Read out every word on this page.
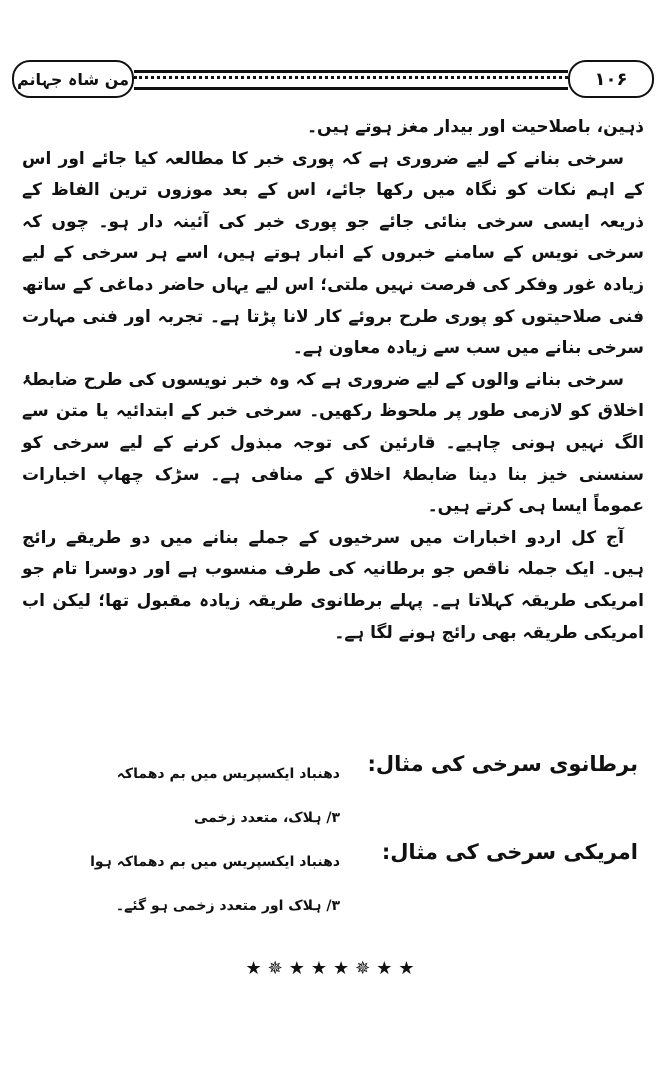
من شاہ جہانم	۱۰۶

ذہین، باصلاحیت اور بیدار مغز ہوتے ہیں۔

سرخی بنانے کے لیے ضروری ہے کہ پوری خبر کا مطالعہ کیا جائے اور اس کے اہم نکات کو نگاہ میں رکھا جائے، اس کے بعد موزوں ترین الفاظ کے ذریعہ ایسی سرخی بنائی جائے جو پوری خبر کی آئینہ دار ہو۔ چوں کہ سرخی نویس کے سامنے خبروں کے انبار ہوتے ہیں، اسے ہر سرخی کے لیے زیادہ غور وفکر کی فرصت نہیں ملتی؛ اس لیے یہاں حاضر دماغی کے ساتھ فنی صلاحیتوں کو پوری طرح بروئے کار لانا پڑتا ہے۔ تجربہ اور فنی مہارت سرخی بنانے میں سب سے زیادہ معاون ہے۔

سرخی بنانے والوں کے لیے ضروری ہے کہ وہ خبر نویسوں کی طرح ضابطۂ اخلاق کو لازمی طور پر ملحوظ رکھیں۔ سرخی خبر کے ابتدائیہ یا متن سے الگ نہیں ہونی چاہیے۔ قارئین کی توجہ مبذول کرنے کے لیے سرخی کو سنسنی خیز بنا دینا ضابطۂ اخلاق کے منافی ہے۔ سڑک چھاپ اخبارات عموماً ایسا ہی کرتے ہیں۔

آج کل اردو اخبارات میں سرخیوں کے جملے بنانے میں دو طریقے رائج ہیں۔ ایک جملہ ناقص جو برطانیہ کی طرف منسوب ہے اور دوسرا تام جو امریکی طریقہ کہلاتا ہے۔ پہلے برطانوی طریقہ زیادہ مقبول تھا؛ لیکن اب امریکی طریقہ بھی رائج ہونے لگا ہے۔

برطانوی سرخی کی مثال:
دھنباد ایکسپریس میں بم دھماکہ
۳/ ہلاک، متعدد زخمی
امریکی سرخی کی مثال:
دھنباد ایکسپریس میں بم دھماکہ ہوا
۳/ ہلاک اور متعدد زخمی ہو گئے۔
★✵★★★✵★★
